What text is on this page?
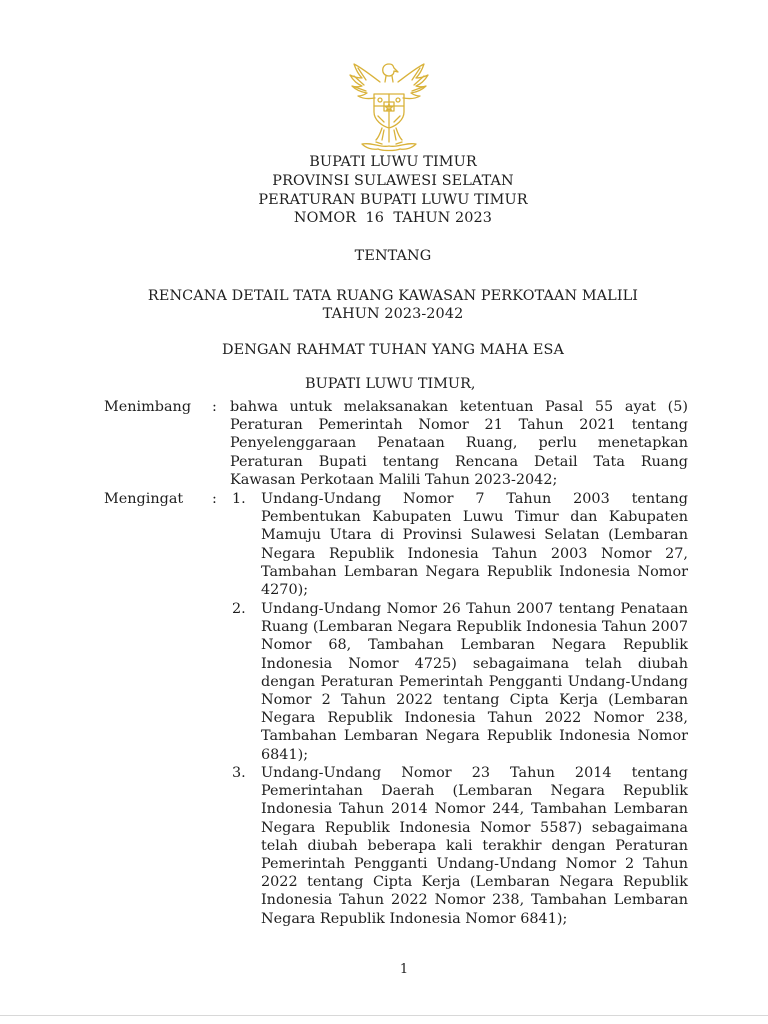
BUPATI LUWU TIMUR
PROVINSI SULAWESI SELATAN
PERATURAN BUPATI LUWU TIMUR
NOMOR  16  TAHUN 2023
TENTANG
RENCANA DETAIL TATA RUANG KAWASAN PERKOTAAN MALILI
TAHUN 2023-2042
DENGAN RAHMAT TUHAN YANG MAHA ESA
BUPATI LUWU TIMUR,
Menimbang : bahwa untuk melaksanakan ketentuan Pasal 55 ayat (5) Peraturan Pemerintah Nomor 21 Tahun 2021 tentang Penyelenggaraan Penataan Ruang, perlu menetapkan Peraturan Bupati tentang Rencana Detail Tata Ruang Kawasan Perkotaan Malili Tahun 2023-2042;
Mengingat : 1. Undang-Undang Nomor 7 Tahun 2003 tentang Pembentukan Kabupaten Luwu Timur dan Kabupaten Mamuju Utara di Provinsi Sulawesi Selatan (Lembaran Negara Republik Indonesia Tahun 2003 Nomor 27, Tambahan Lembaran Negara Republik Indonesia Nomor 4270);
2. Undang-Undang Nomor 26 Tahun 2007 tentang Penataan Ruang (Lembaran Negara Republik Indonesia Tahun 2007 Nomor 68, Tambahan Lembaran Negara Republik Indonesia Nomor 4725) sebagaimana telah diubah dengan Peraturan Pemerintah Pengganti Undang-Undang Nomor 2 Tahun 2022 tentang Cipta Kerja (Lembaran Negara Republik Indonesia Tahun 2022 Nomor 238, Tambahan Lembaran Negara Republik Indonesia Nomor 6841);
3. Undang-Undang Nomor 23 Tahun 2014 tentang Pemerintahan Daerah (Lembaran Negara Republik Indonesia Tahun 2014 Nomor 244, Tambahan Lembaran Negara Republik Indonesia Nomor 5587) sebagaimana telah diubah beberapa kali terakhir dengan Peraturan Pemerintah Pengganti Undang-Undang Nomor 2 Tahun 2022 tentang Cipta Kerja (Lembaran Negara Republik Indonesia Tahun 2022 Nomor 238, Tambahan Lembaran Negara Republik Indonesia Nomor 6841);
1
